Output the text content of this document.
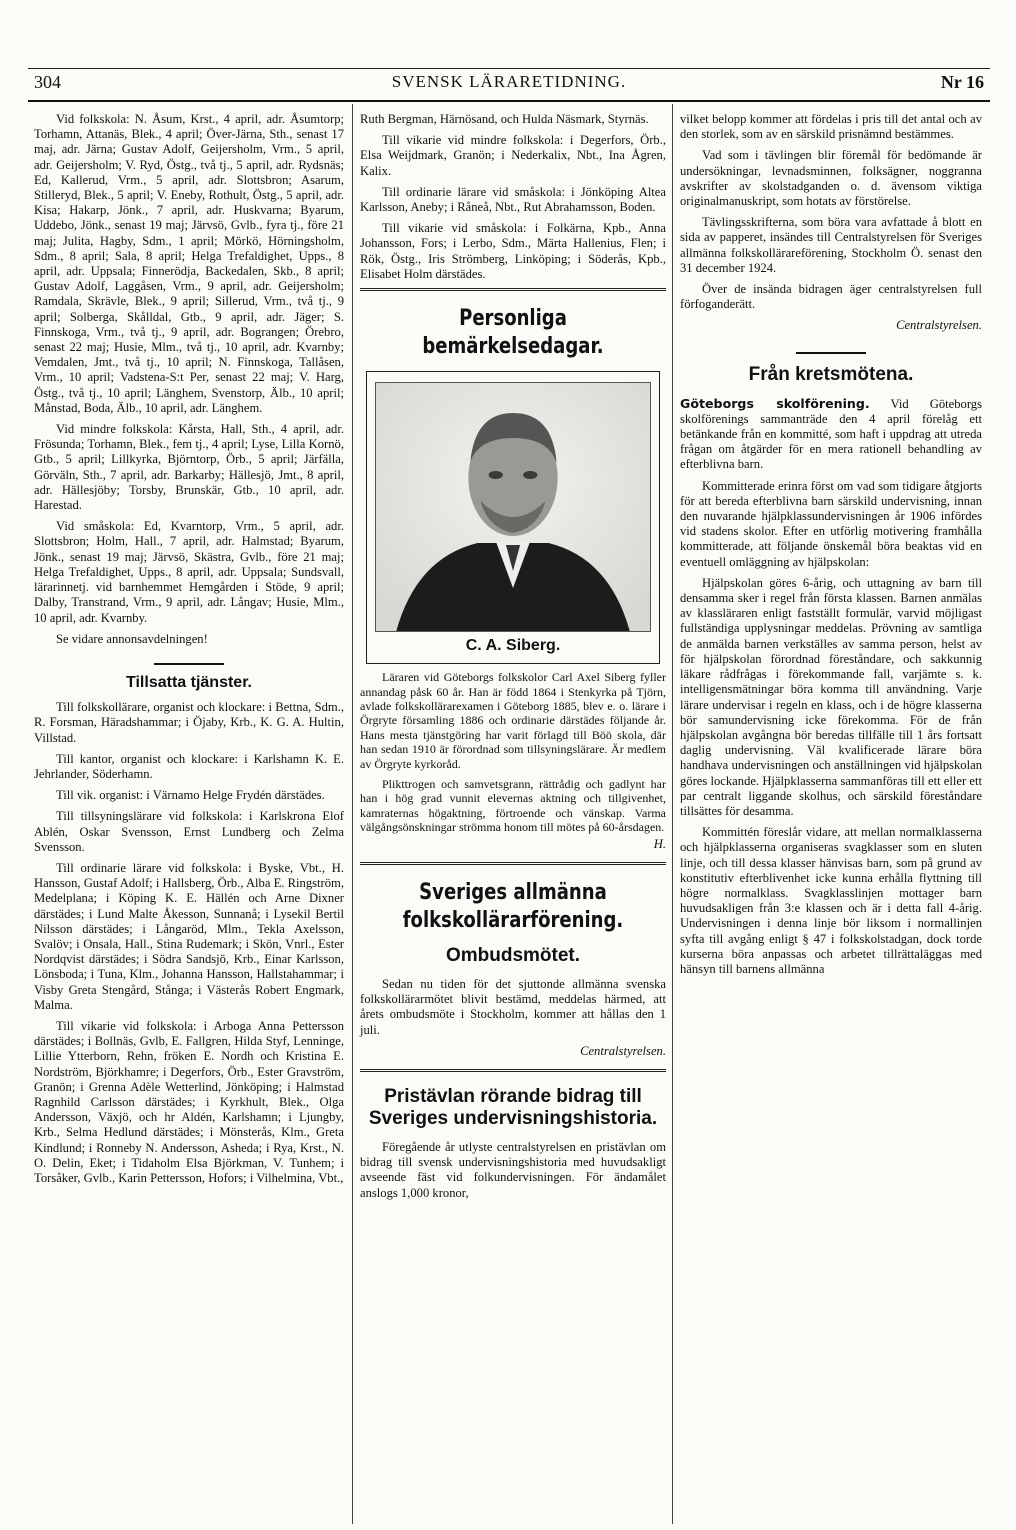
304	SVENSK LÄRARETIDNING.	Nr 16

Vid folkskola: N. Åsum, Krst., 4 april, adr. Åsumtorp; Torhamn, Attanäs, Blek., 4 april; Över-Järna, Sth., senast 17 maj, adr. Järna; Gustav Adolf, Geijersholm, Vrm., 5 april, adr. Geijersholm; V. Ryd, Östg., två tj., 5 april, adr. Rydsnäs; Ed, Kallerud, Vrm., 5 april, adr. Slottsbron; Asarum, Stilleryd, Blek., 5 april; V. Eneby, Rothult, Östg., 5 april, adr. Kisa; Hakarp, Jönk., 7 april, adr. Huskvarna; Byarum, Uddebo, Jönk., senast 19 maj; Järvsö, Gvlb., fyra tj., före 21 maj; Julita, Hagby, Sdm., 1 april; Mörkö, Hörningsholm, Sdm., 8 april; Sala, 8 april; Helga Trefaldighet, Upps., 8 april, adr. Uppsala; Finnerödja, Backedalen, Skb., 8 april; Gustav Adolf, Laggåsen, Vrm., 9 april, adr. Geijersholm; Ramdala, Skrävle, Blek., 9 april; Sillerud, Vrm., två tj., 9 april; Solberga, Skålldal, Gtb., 9 april, adr. Jäger; S. Finnskoga, Vrm., två tj., 9 april, adr. Bograngen; Örebro, senast 22 maj; Husie, Mlm., två tj., 10 april, adr. Kvarnby; Vemdalen, Jmt., två tj., 10 april; N. Finnskoga, Tallåsen, Vrm., 10 april; Vadstena-S:t Per, senast 22 maj; V. Harg, Östg., två tj., 10 april; Länghem, Svenstorp, Älb., 10 april; Månstad, Boda, Älb., 10 april, adr. Länghem.

Vid mindre folkskola: Kårsta, Hall, Sth., 4 april, adr. Frösunda; Torhamn, Blek., fem tj., 4 april; Lyse, Lilla Kornö, Gtb., 5 april; Lillkyrka, Björntorp, Örb., 5 april; Järfälla, Görväln, Sth., 7 april, adr. Barkarby; Hällesjö, Jmt., 8 april, adr. Hällesjöby; Torsby, Brunskär, Gtb., 10 april, adr. Harestad.

Vid småskola: Ed, Kvarntorp, Vrm., 5 april, adr. Slottsbron; Holm, Hall., 7 april, adr. Halmstad; Byarum, Jönk., senast 19 maj; Järvsö, Skästra, Gvlb., före 21 maj; Helga Trefaldighet, Upps., 8 april, adr. Uppsala; Sundsvall, lärarinnetj. vid barnhemmet Hemgården i Stöde, 9 april; Dalby, Transtrand, Vrm., 9 april, adr. Långav; Husie, Mlm., 10 april, adr. Kvarnby.

Se vidare annonsavdelningen!

Tillsatta tjänster.

Till folkskollärare, organist och klockare: i Bettna, Sdm., R. Forsman, Häradshammar; i Öjaby, Krb., K. G. A. Hultin, Villstad.

Till kantor, organist och klockare: i Karlshamn K. E. Jehrlander, Söderhamn.

Till vik. organist: i Värnamo Helge Frydén därstädes.

Till tillsyningslärare vid folkskola: i Karlskrona Elof Ablén, Oskar Svensson, Ernst Lundberg och Zelma Svensson.

Till ordinarie lärare vid folkskola: i Byske, Vbt., H. Hansson, Gustaf Adolf; i Hallsberg, Örb., Alba E. Ringström, Medelplana; i Köping K. E. Hällén och Arne Dixner därstädes; i Lund Malte Åkesson, Sunnanå; i Lysekil Bertil Nilsson därstädes; i Långaröd, Mlm., Tekla Axelsson, Svalöv; i Onsala, Hall., Stina Rudemark; i Skön, Vnrl., Ester Nordqvist därstädes; i Södra Sandsjö, Krb., Einar Karlsson, Lönsboda; i Tuna, Klm., Johanna Hansson, Hallstahammar; i Visby Greta Stengård, Stånga; i Västerås Robert Engmark, Malma.

Till vikarie vid folkskola: i Arboga Anna Pettersson därstädes; i Bollnäs, Gvlb, E. Fallgren, Hilda Styf, Lenninge, Lillie Ytterborn, Rehn, fröken E. Nordh och Kristina E. Nordström, Björkhamre; i Degerfors, Örb., Ester Gravström, Granön; i Grenna Adèle Wetterlind, Jönköping; i Halmstad Ragnhild Carlsson därstädes; i Kyrkhult, Blek., Olga Andersson, Växjö, och hr Aldén, Karlshamn; i Ljungby, Krb., Selma Hedlund därstädes; i Mönsterås, Klm., Greta Kindlund; i Ronneby N. Andersson, Asheda; i Rya, Krst., N. O. Delin, Eket; i Tidaholm Elsa Björkman, V. Tunhem; i Torsåker, Gvlb., Karin Pettersson, Hofors; i Vilhelmina, Vbt.,

Ruth Bergman, Härnösand, och Hulda Näsmark, Styrnäs.

Till vikarie vid mindre folkskola: i Degerfors, Örb., Elsa Weijdmark, Granön; i Nederkalix, Nbt., Ina Ågren, Kalix.

Till ordinarie lärare vid småskola: i Jönköping Altea Karlsson, Aneby; i Råneå, Nbt., Rut Abrahamsson, Boden.

Till vikarie vid småskola: i Folkärna, Kpb., Anna Johansson, Fors; i Lerbo, Sdm., Märta Hallenius, Flen; i Rök, Östg., Iris Strömberg, Linköping; i Söderås, Kpb., Elisabet Holm därstädes.

Personliga bemärkelsedagar.
C. A. Siberg.

Läraren vid Göteborgs folkskolor Carl Axel Siberg fyller annandag påsk 60 år. Han är född 1864 i Stenkyrka på Tjörn, avlade folkskollärarexamen i Göteborg 1885, blev e. o. lärare i Örgryte församling 1886 och ordinarie därstädes följande år. Hans mesta tjänstgöring har varit förlagd till Böö skola, där han sedan 1910 är förordnad som tillsyningslärare. Är medlem av Örgryte kyrkoråd.

Plikttrogen och samvetsgrann, rättrådig och gadlynt har han i hög grad vunnit elevernas aktning och tillgivenhet, kamraternas högaktning, förtroende och vänskap. Varma välgångsönskningar strömma honom till mötes på 60-årsdagen.

H.
Sveriges allmänna
folkskollärarförening.
Ombudsmötet.

Sedan nu tiden för det sjuttonde allmänna svenska folkskollärarmötet blivit bestämd, meddelas härmed, att årets ombudsmöte i Stockholm, kommer att hållas den 1 juli.

Centralstyrelsen.
Pristävlan rörande bidrag till Sveriges undervisningshistoria.

Föregående år utlyste centralstyrelsen en pristävlan om bidrag till svensk undervisningshistoria med huvudsakligt avseende fäst vid folkundervisningen. För ändamålet anslogs 1,000 kronor,

vilket belopp kommer att fördelas i pris till det antal och av den storlek, som av en särskild prisnämnd bestämmes.

Vad som i tävlingen blir föremål för bedömande är undersökningar, levnadsminnen, folksägner, noggranna avskrifter av skolstadganden o. d. ävensom viktiga originalmanuskript, som hotats av förstörelse.

Tävlingsskrifterna, som böra vara avfattade å blott en sida av papperet, insändes till Centralstyrelsen för Sveriges allmänna folkskollärareförening, Stockholm Ö. senast den 31 december 1924.

Över de insända bidragen äger centralstyrelsen full förfoganderätt.

Centralstyrelsen.
Från kretsmötena.

Göteborgs skolförening. Vid Göteborgs skolförenings sammanträde den 4 april förelåg ett betänkande från en kommitté, som haft i uppdrag att utreda frågan om åtgärder för en mera rationell behandling av efterblivna barn.

Kommitterade erinra först om vad som tidigare åtgjorts för att bereda efterblivna barn särskild undervisning, innan den nuvarande hjälpklassundervisningen år 1906 infördes vid stadens skolor. Efter en utförlig motivering framhålla kommitterade, att följande önskemål böra beaktas vid en eventuell omläggning av hjälpskolan:

Hjälpskolan göres 6-årig, och uttagning av barn till densamma sker i regel från första klassen. Barnen anmälas av klassläraren enligt fastställt formulär, varvid möjligast fullständiga upplysningar meddelas. Prövning av samtliga de anmälda barnen verkställes av samma person, helst av för hjälpskolan förordnad föreståndare, och sakkunnig läkare rådfrågas i förekommande fall, varjämte s. k. intelligensmätningar böra komma till användning. Varje lärare undervisar i regeln en klass, och i de högre klasserna bör samundervisning icke förekomma. För de från hjälpskolan avgångna bör beredas tillfälle till 1 års fortsatt daglig undervisning. Väl kvalificerade lärare böra handhava undervisningen och anställningen vid hjälpskolan göres lockande. Hjälpklasserna sammanföras till ett eller ett par centralt liggande skolhus, och särskild föreståndare tillsättes för desamma.

Kommittén föreslår vidare, att mellan normalklasserna och hjälpklasserna organiseras svagklasser som en sluten linje, och till dessa klasser hänvisas barn, som på grund av konstitutiv efterblivenhet icke kunna erhålla flyttning till högre normalklass. Svagklasslinjen mottager barn huvudsakligen från 3:e klassen och är i detta fall 4-årig. Undervisningen i denna linje bör liksom i normallinjen syfta till avgång enligt § 47 i folkskolstadgan, dock torde kurserna böra anpassas och arbetet tillrättaläggas med hänsyn till barnens allmänna
